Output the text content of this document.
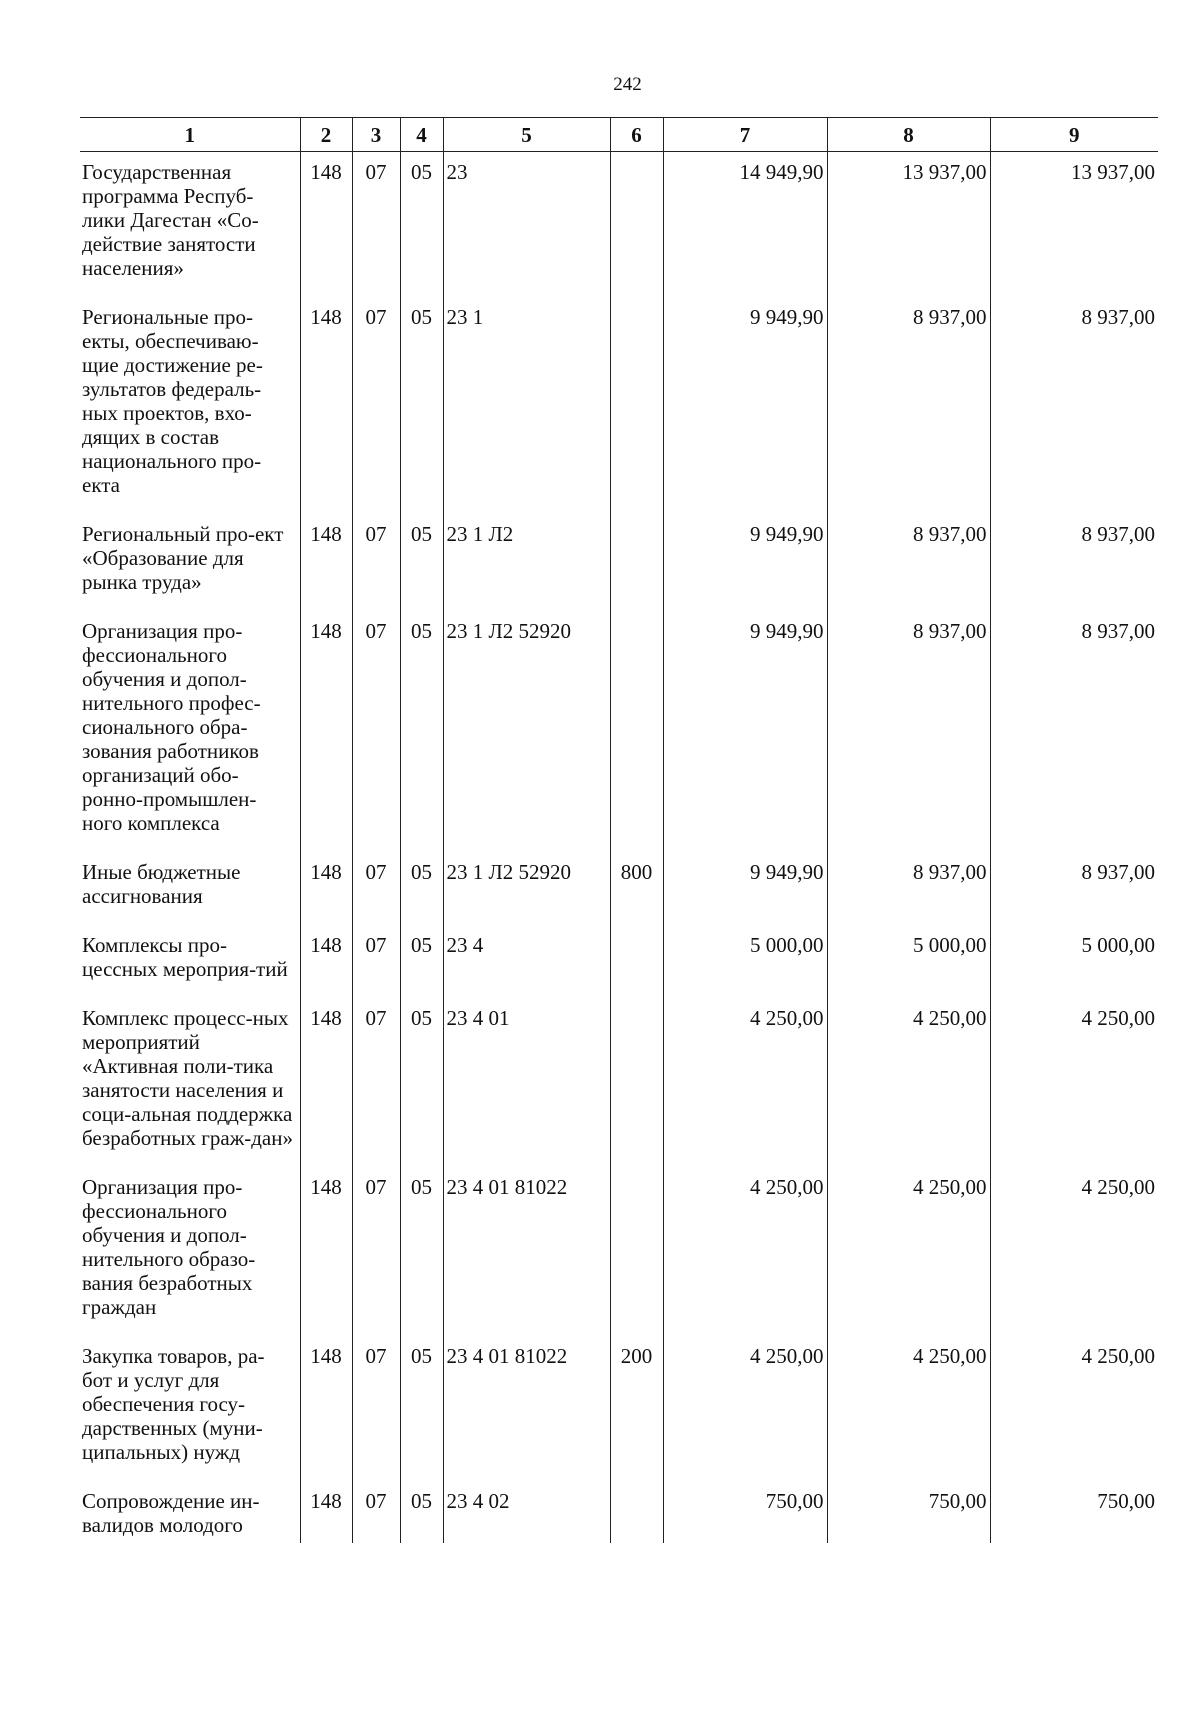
242
1	2	3	4	5	6	7	8	9
Государственная программа Респуб-лики Дагестан «Со-действие занятости населения»	148	07	05	23		14 949,90	13 937,00	13 937,00
Региональные про-екты, обеспечиваю-щие достижение ре-зультатов федераль-ных проектов, вхо-дящих в состав национального про-екта	148	07	05	23 1		9 949,90	8 937,00	8 937,00
Региональный про-ект «Образование для рынка труда»	148	07	05	23 1 Л2		9 949,90	8 937,00	8 937,00
Организация про-фессионального обучения и допол-нительного профес-сионального обра-зования работников организаций обо-ронно-промышлен-ного комплекса	148	07	05	23 1 Л2 52920		9 949,90	8 937,00	8 937,00
Иные бюджетные ассигнования	148	07	05	23 1 Л2 52920	800	9 949,90	8 937,00	8 937,00
Комплексы про-цессных мероприя-тий	148	07	05	23 4		5 000,00	5 000,00	5 000,00
Комплекс процесс-ных мероприятий «Активная поли-тика занятости населения и соци-альная поддержка безработных граж-дан»	148	07	05	23 4 01		4 250,00	4 250,00	4 250,00
Организация про-фессионального обучения и допол-нительного образо-вания безработных граждан	148	07	05	23 4 01 81022		4 250,00	4 250,00	4 250,00
Закупка товаров, ра-бот и услуг для обеспечения госу-дарственных (муни-ципальных) нужд	148	07	05	23 4 01 81022	200	4 250,00	4 250,00	4 250,00
Сопровождение ин-валидов молодого	148	07	05	23 4 02		750,00	750,00	750,00
